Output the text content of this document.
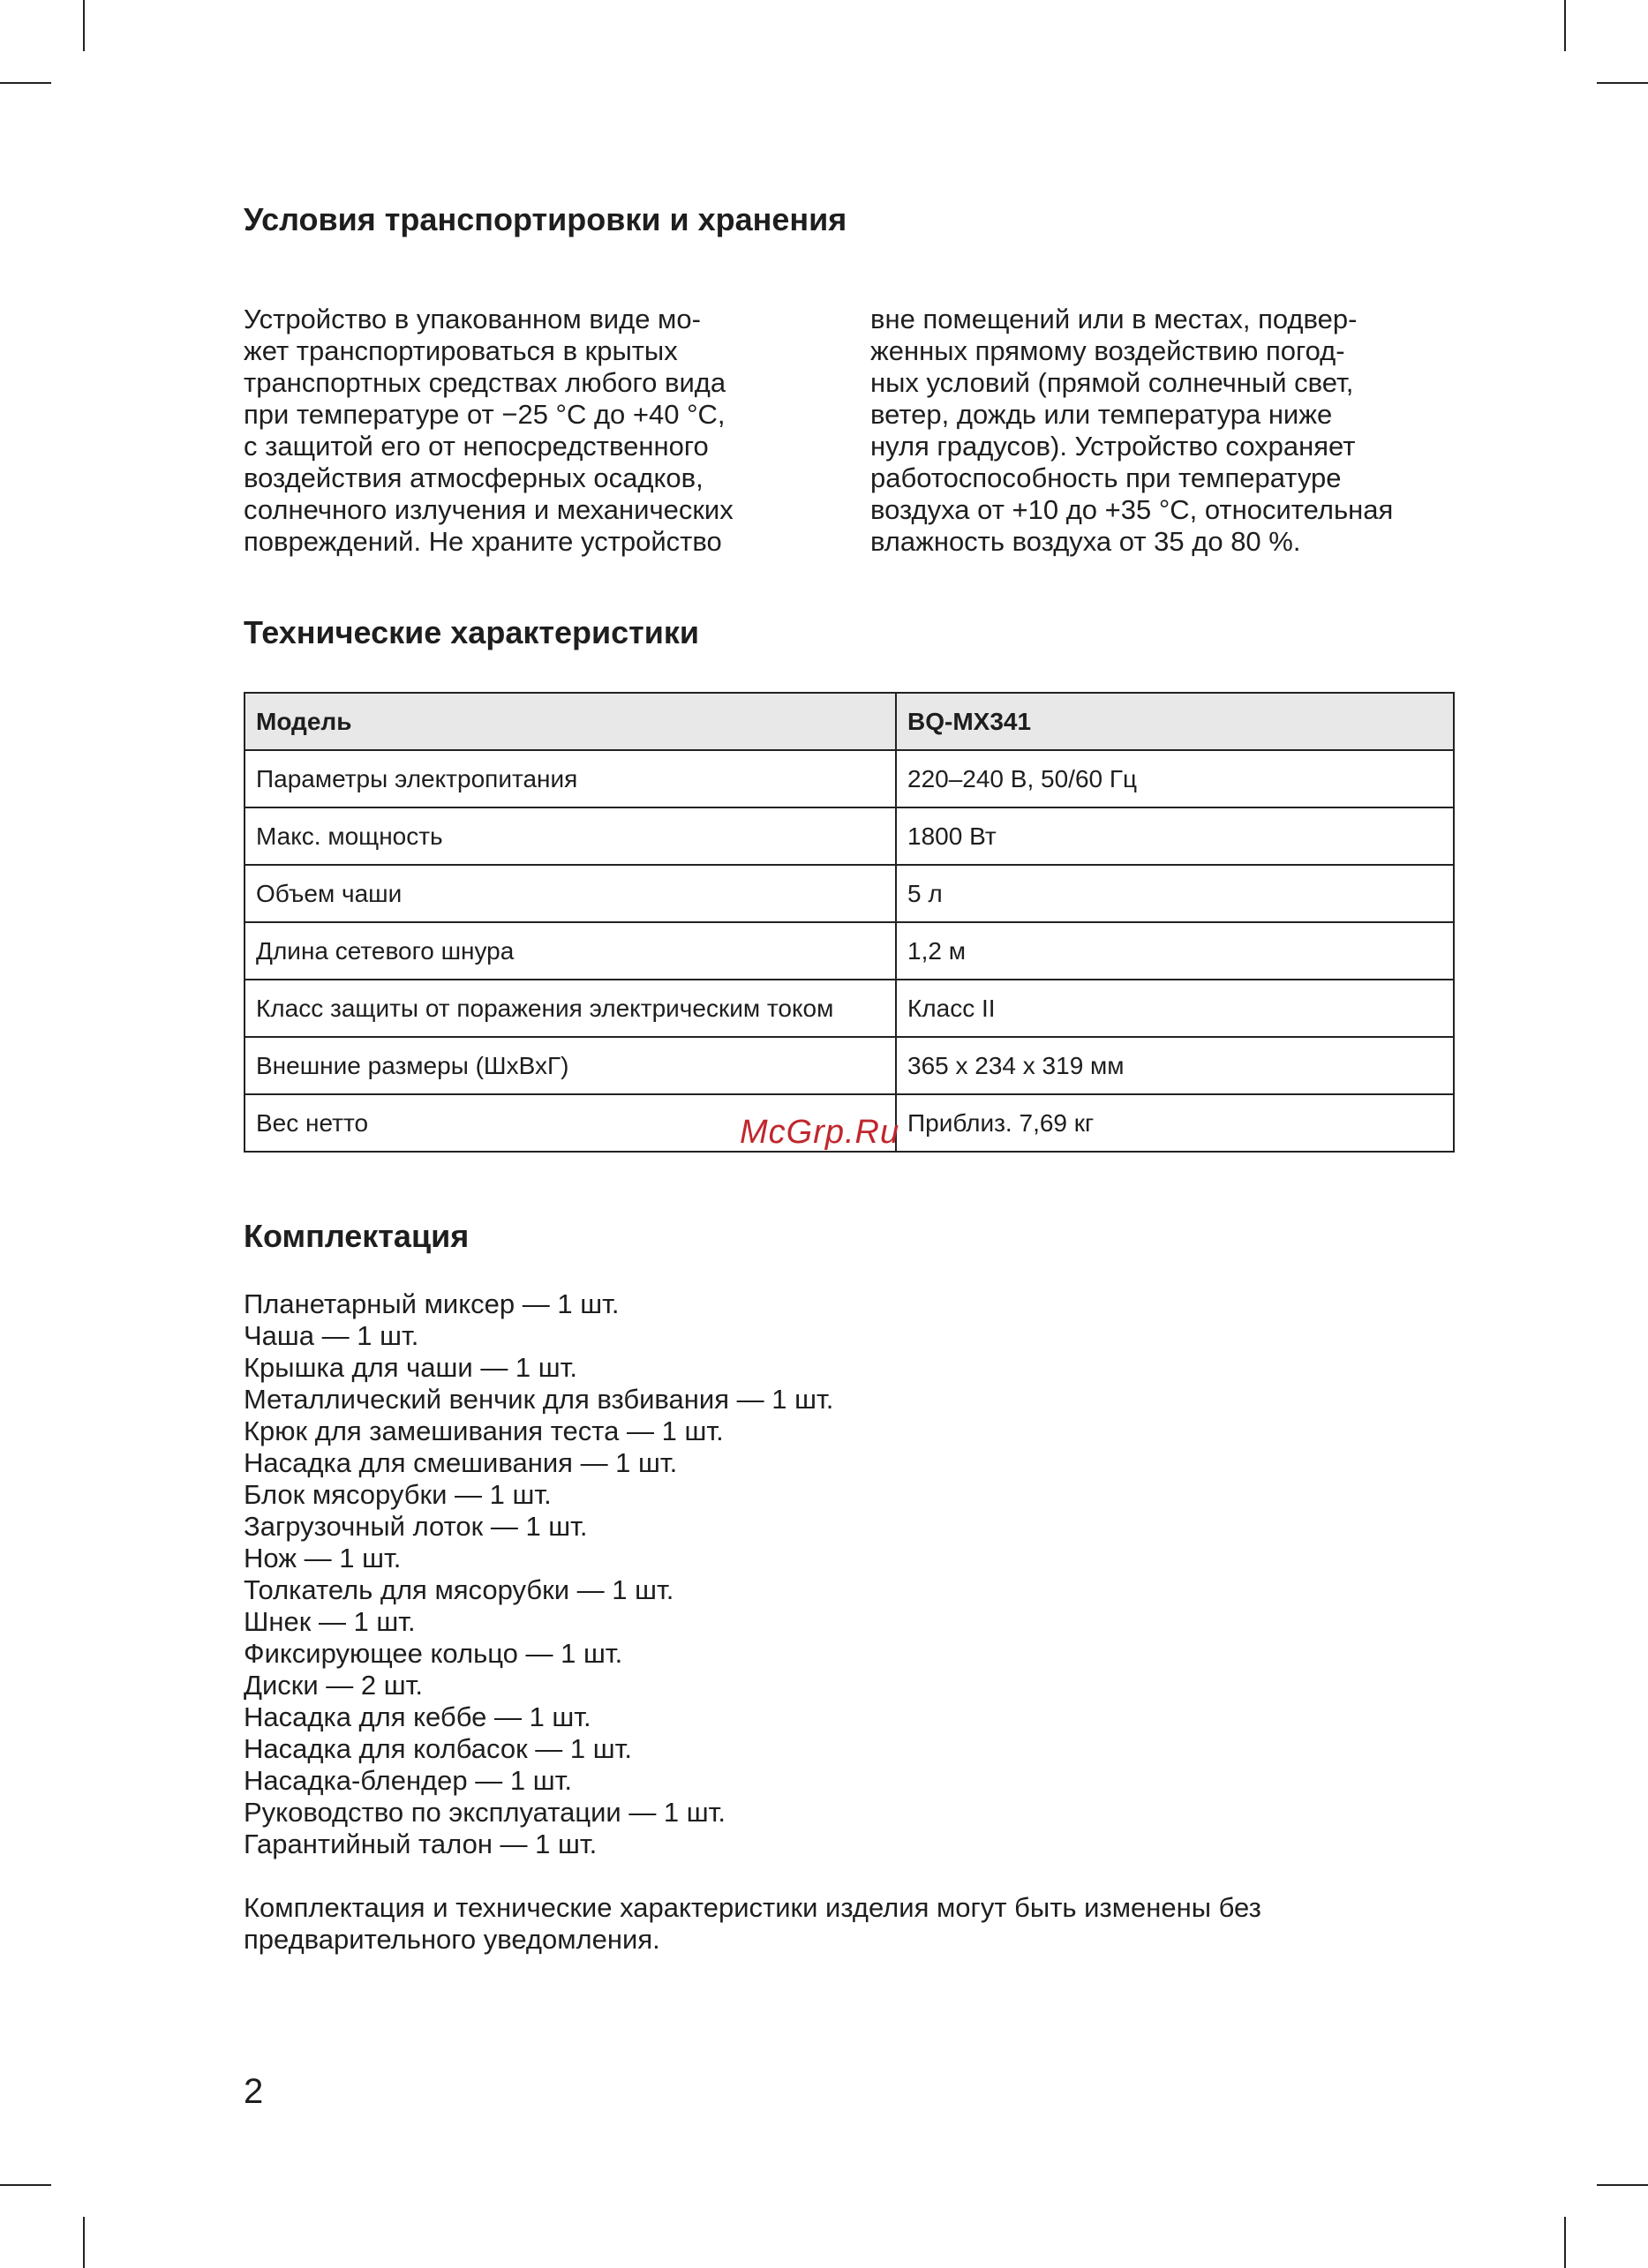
Условия транспортировки и хранения

Устройство в упакованном виде мо-
жет транспортироваться в крытых
транспортных средствах любого вида
при температуре от −25 °C до +40 °C,
с защитой его от непосредственного
воздействия атмосферных осадков,
солнечного излучения и механических
повреждений. Не храните устройство

вне помещений или в местах, подвер-
женных прямому воздействию погод-
ных условий (прямой солнечный свет,
ветер, дождь или температура ниже
нуля градусов). Устройство сохраняет
работоспособность при температуре
воздуха от +10 до +35 °C, относительная
влажность воздуха от 35 до 80 %.

Технические характеристики
Модель	BQ-MX341
Параметры электропитания	220–240 В, 50/60 Гц
Макс. мощность	1800 Вт
Объем чаши	5 л
Длина сетевого шнура	1,2 м
Класс защиты от поражения электрическим током	Класс II
Внешние размеры (ШхВхГ)	365 x 234 x 319 мм
Вес нетто	Приблиз. 7,69 кг
Комплектация
Планетарный миксер — 1 шт.
Чаша — 1 шт.
Крышка для чаши — 1 шт.
Металлический венчик для взбивания — 1 шт.
Крюк для замешивания теста — 1 шт.
Насадка для смешивания — 1 шт.
Блок мясорубки — 1 шт.
Загрузочный лоток — 1 шт.
Нож — 1 шт.
Толкатель для мясорубки — 1 шт.
Шнек — 1 шт.
Фиксирующее кольцо — 1 шт.
Диски — 2 шт.
Насадка для кеббе — 1 шт.
Насадка для колбасок — 1 шт.
Насадка-блендер — 1 шт.
Руководство по эксплуатации — 1 шт.
Гарантийный талон — 1 шт.

Комплектация и технические характеристики изделия могут быть изменены без
предварительного уведомления.

McGrp.Ru
2
